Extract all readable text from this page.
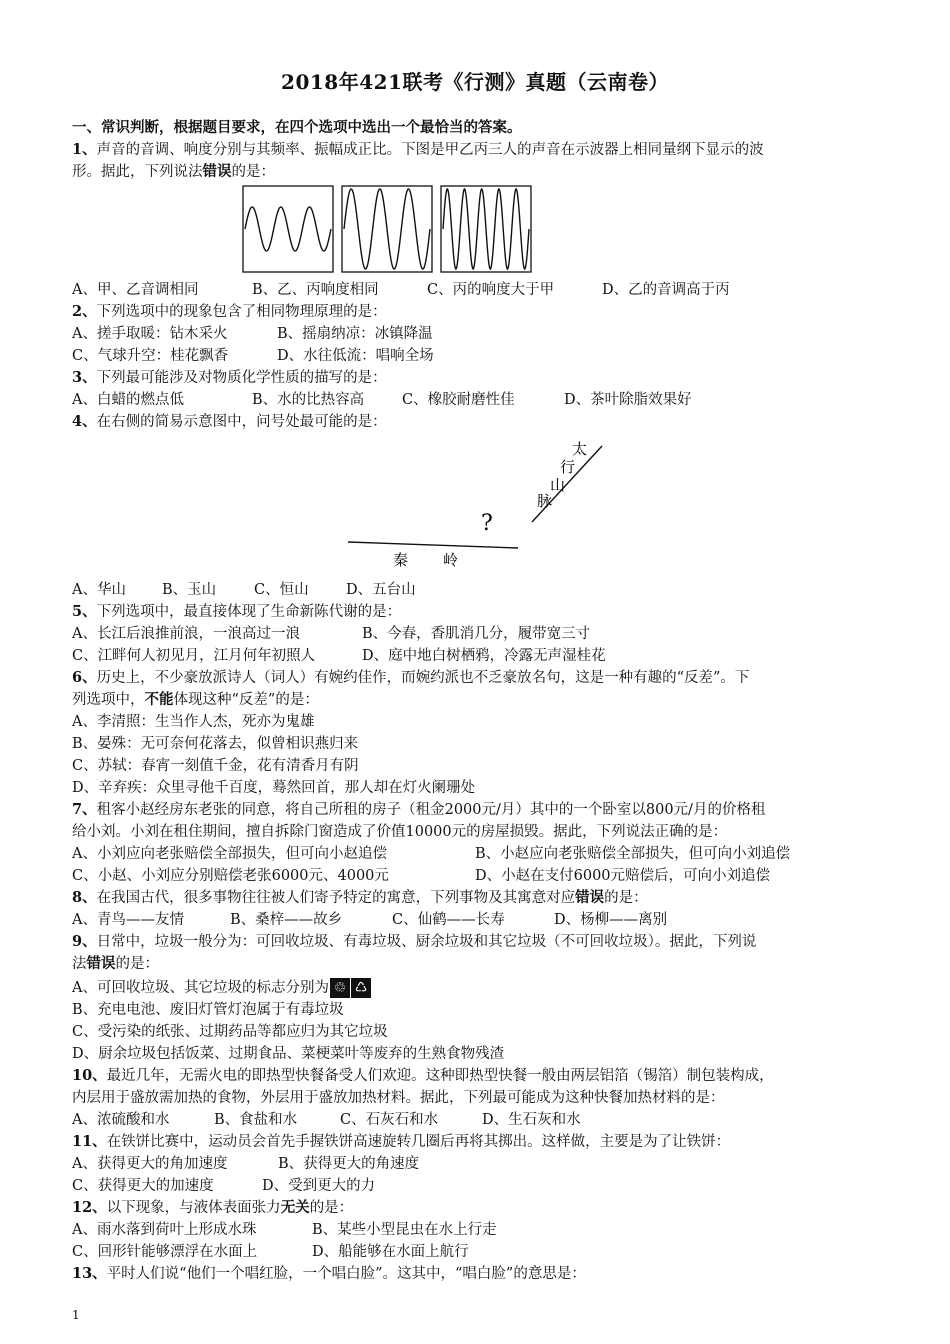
2018年421联考《行测》真题（云南卷）
一、常识判断，根据题目要求，在四个选项中选出一个最恰当的答案。
1、声音的音调、响度分别与其频率、振幅成正比。下图是甲乙丙三人的声音在示波器上相同量纲下显示的波
形。据此，下列说法错误的是：
A、甲、乙音调相同	B、乙、丙响度相同	C、丙的响度大于甲	D、乙的音调高于丙
2、下列选项中的现象包含了相同物理原理的是：
A、搓手取暖：钻木采火	B、摇扇纳凉：冰镇降温
C、气球升空：桂花飘香	D、水往低流：唱响全场
3、下列最可能涉及对物质化学性质的描写的是：
A、白蜡的燃点低	B、水的比热容高	C、橡胶耐磨性佳	D、茶叶除脂效果好
4、在右侧的简易示意图中，问号处最可能的是：
太
行
山
脉
?
秦 岭
A、华山 B、玉山	C、恒山	D、五台山
5、下列选项中，最直接体现了生命新陈代谢的是：
A、长江后浪推前浪，一浪高过一浪	B、今春，香肌消几分，履带宽三寸
C、江畔何人初见月，江月何年初照人	D、庭中地白树栖鸦，冷露无声湿桂花
6、历史上，不少豪放派诗人（词人）有婉约佳作，而婉约派也不乏豪放名句，这是一种有趣的“反差”。下
列选项中，不能体现这种“反差”的是：
A、李清照：生当作人杰，死亦为鬼雄
B、晏殊：无可奈何花落去，似曾相识燕归来
C、苏轼：春宵一刻值千金，花有清香月有阴
D、辛弃疾：众里寻他千百度，蓦然回首，那人却在灯火阑珊处
7、租客小赵经房东老张的同意，将自己所租的房子（租金2000元/月）其中的一个卧室以800元/月的价格租
给小刘。小刘在租住期间，擅自拆除门窗造成了价值10000元的房屋损毁。据此，下列说法正确的是：
A、小刘应向老张赔偿全部损失，但可向小赵追偿	B、小赵应向老张赔偿全部损失，但可向小刘追偿
C、小赵、小刘应分别赔偿老张6000元、4000元	D、小赵在支付6000元赔偿后，可向小刘追偿
8、在我国古代，很多事物往往被人们寄予特定的寓意，下列事物及其寓意对应错误的是：
A、青鸟——友情	B、桑梓——故乡	C、仙鹤——长寿	D、杨柳——离别
9、日常中，垃圾一般分为：可回收垃圾、有毒垃圾、厨余垃圾和其它垃圾（不可回收垃圾）。据此，下列说
法错误的是：
A、可回收垃圾、其它垃圾的标志分别为 ♲ ♺
B、充电电池、废旧灯管灯泡属于有毒垃圾
C、受污染的纸张、过期药品等都应归为其它垃圾
D、厨余垃圾包括饭菜、过期食品、菜梗菜叶等废弃的生熟食物残渣
10、最近几年，无需火电的即热型快餐备受人们欢迎。这种即热型快餐一般由两层铝箔（锡箔）制包装构成，
内层用于盛放需加热的食物，外层用于盛放加热材料。据此，下列最可能成为这种快餐加热材料的是：
A、浓硫酸和水	B、食盐和水	C、石灰石和水	D、生石灰和水
11、在铁饼比赛中，运动员会首先手握铁饼高速旋转几圈后再将其掷出。这样做，主要是为了让铁饼：
A、获得更大的角加速度	B、获得更大的角速度
C、获得更大的加速度	D、受到更大的力
12、以下现象，与液体表面张力无关的是：
A、雨水落到荷叶上形成水珠	B、某些小型昆虫在水上行走
C、回形针能够漂浮在水面上	D、船能够在水面上航行
13、平时人们说“他们一个唱红脸，一个唱白脸”。这其中，“唱白脸”的意思是：
1
